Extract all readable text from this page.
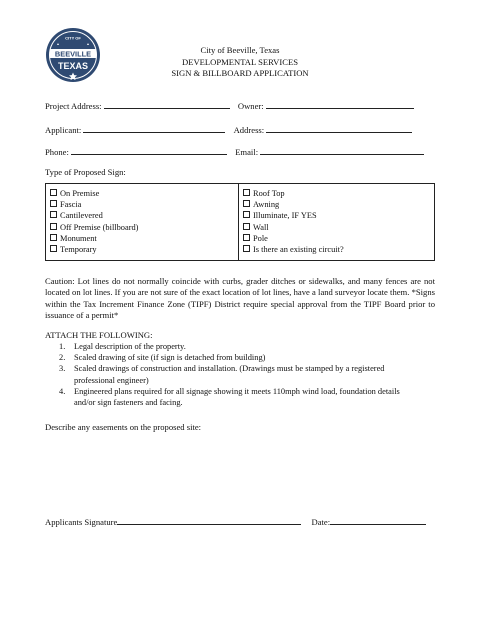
CITY OF
BEEVILLE
TEXAS
City of Beeville, Texas
DEVELOPMENTAL SERVICES
SIGN & BILLBOARD APPLICATION
Project Address:	Owner:
Applicant:	Address:
Phone:	Email:
Type of Proposed Sign:
On Premise
Fascia
Cantilevered
Off Premise (billboard)
Monument
Temporary
Roof Top
Awning
Illuminate, IF YES
Wall
Pole
Is there an existing circuit?
Caution: Lot lines do not normally coincide with curbs, grader ditches or sidewalks, and many fences are not located on lot lines. If you are not sure of the exact location of lot lines, have a land surveyor locate them. *Signs within the Tax Increment Finance Zone (TIPF) District require special approval from the TIPF Board prior to issuance of a permit*
ATTACH THE FOLLOWING:
1. Legal description of the property.
2. Scaled drawing of site (if sign is detached from building)
3. Scaled drawings of construction and installation. (Drawings must be stamped by a registered professional engineer)
4. Engineered plans required for all signage showing it meets 110mph wind load, foundation details and/or sign fasteners and facing.
Describe any easements on the proposed site:
Applicants Signature	Date:
